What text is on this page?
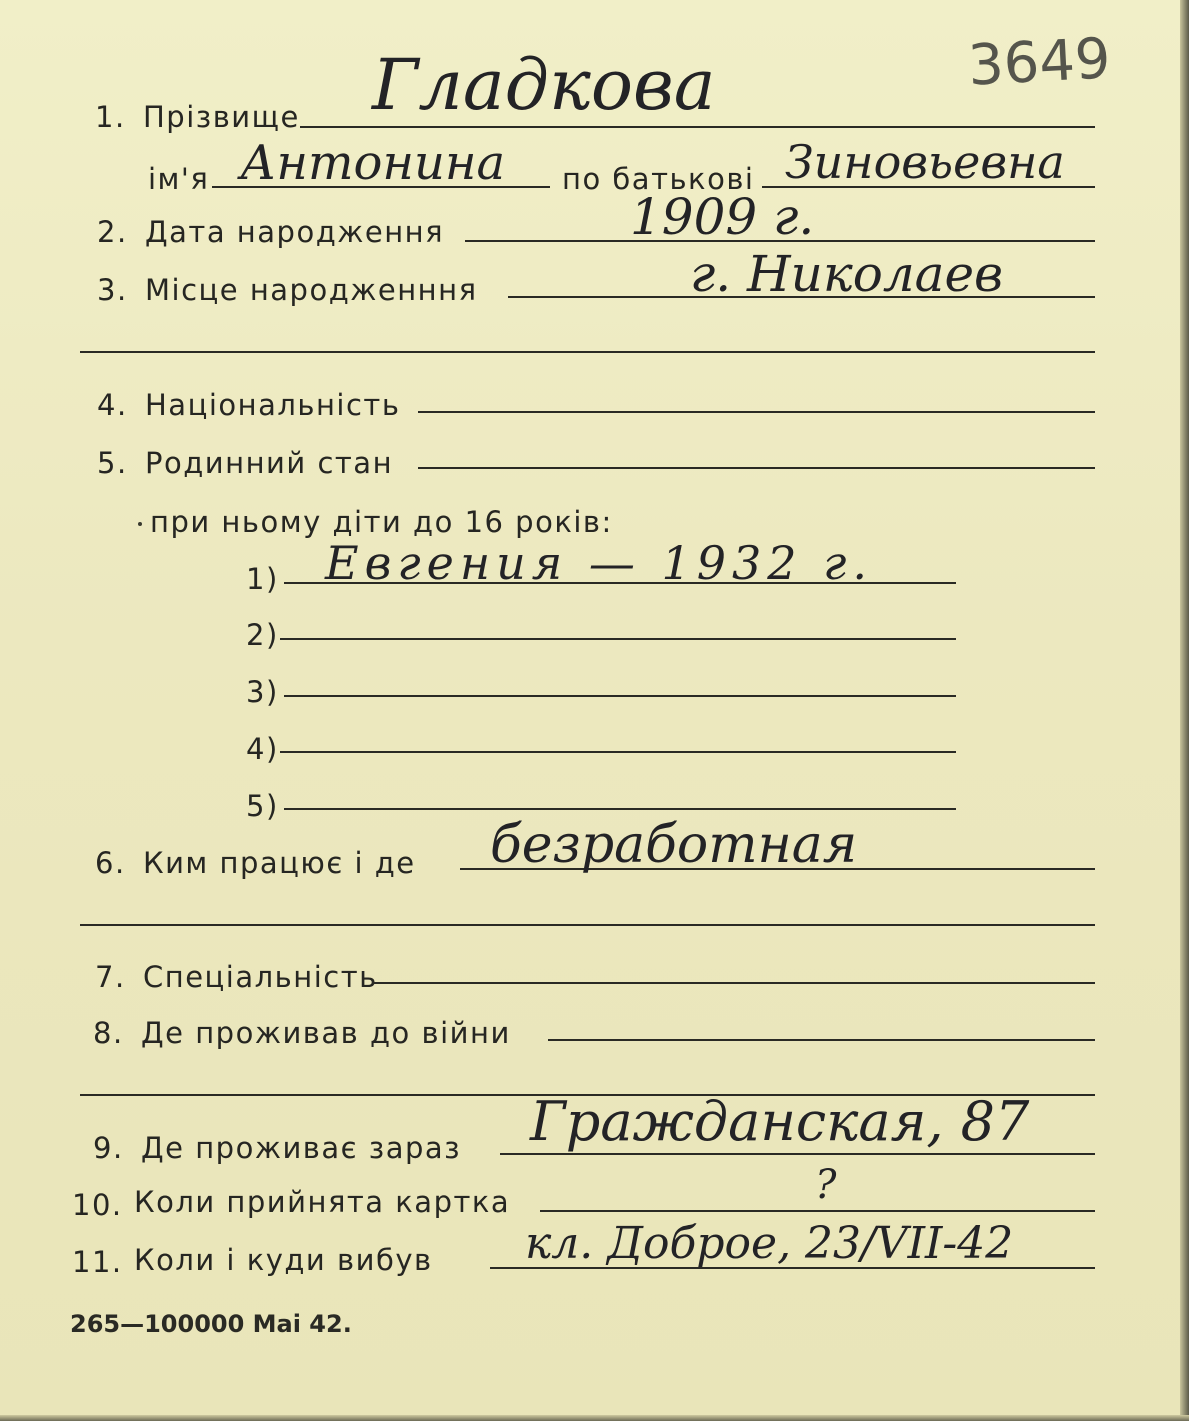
3649
1. Прізвище Гладкова
ім'я Антонина по батькові Зиновьевна
2. Дата народження	1909 г.
3. Місце народженння	г. Николаев
4. Національність
5. Родинний стан
при ньому діти до 16 років:
1) Евгения — 1932 г.
2)
3)
4)
5)
6. Ким працює і де безработная
7. Спеціальність
8. Де проживав до війни
9. Де проживає зараз Гражданская, 87
10. Коли прийнята картка	?
11. Коли і куди вибув кл. Доброе, 23/VII-42
265—100000 Mai 42.
